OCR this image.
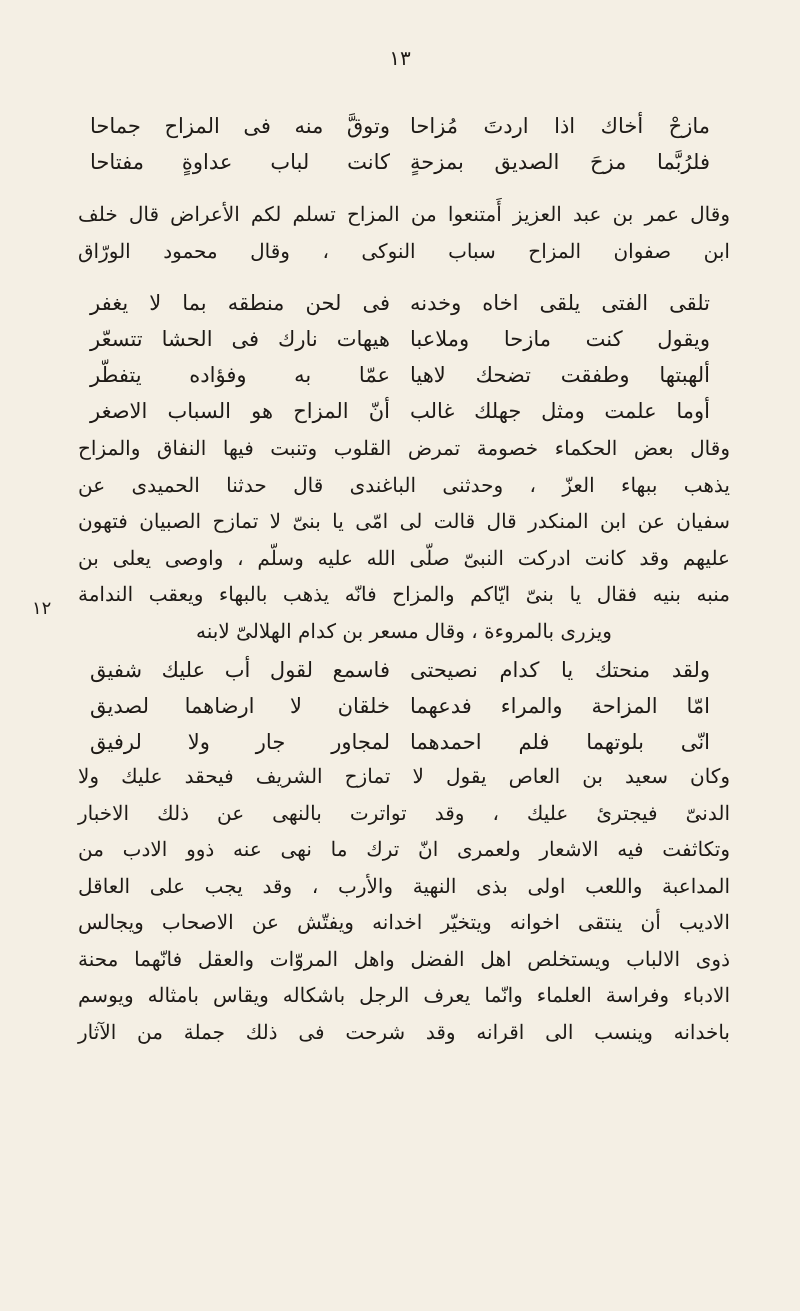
١٣
مازحْ أخاك اذا اردتَ مُزاحا
وتوقَّ منه فى المزاح جماحا
فلرُبَّما مزحَ الصديق بمزحةٍ
كانت لباب عداوةٍ مفتاحا
وقال عمر بن عبد العزيز أَمتنعوا من المزاح تسلم لكم الأعراض قال خلف
ابن صفوان المزاح سباب النوكى ، وقال محمود الورّاق
تلقى الفتى يلقى اخاه وخدنه
فى لحن منطقه بما لا يغفر
ويقول كنت مازحا وملاعبا
هيهات نارك فى الحشا تتسعّر
ألهبتها وطفقت تضحك لاهيا
عمّا به وفؤاده يتفطّر
أوما علمت ومثل جهلك غالب
أنّ المزاح هو السباب الاصغر
وقال بعض الحكماء خصومة تمرض القلوب وتنبت فيها النفاق والمزاح
يذهب ببهاء العزّ ، وحدثنى الباغندى قال حدثنا الحميدى عن
سفيان عن ابن المنكدر قال قالت لى امّى يا بنىّ لا تمازح الصبيان فتهون
عليهم وقد كانت ادركت النبىّ صلّى الله عليه وسلّم ، واوصى يعلى بن
منبه بنيه فقال يا بنىّ ايّاكم والمزاح فانّه يذهب بالبهاء ويعقب الندامة
ويزرى بالمروءة ، وقال مسعر بن كدام الهلالىّ لابنه
١٢
ولقد منحتك يا كدام نصيحتى
فاسمع لقول أب عليك شفيق
امّا المزاحة والمراء فدعهما
خلقان لا ارضاهما لصديق
انّى بلوتهما فلم احمدهما
لمجاور جار ولا لرفيق
وكان سعيد بن العاص يقول لا تمازح الشريف فيحقد عليك ولا
الدنىّ فيجترئ عليك ، وقد تواترت بالنهى عن ذلك الاخبار
وتكاثفت فيه الاشعار ولعمرى انّ ترك ما نهى عنه ذوو الادب من
المداعبة واللعب اولى بذى النهية والأرب ، وقد يجب على العاقل
الاديب أن ينتقى اخوانه ويتخيّر اخدانه ويفتّش عن الاصحاب ويجالس
ذوى الالباب ويستخلص اهل الفضل واهل المروّات والعقل فانّهما محنة
الادباء وفراسة العلماء وانّما يعرف الرجل باشكاله ويقاس بامثاله ويوسم
باخدانه وينسب الى اقرانه وقد شرحت فى ذلك جملة من الآثار
